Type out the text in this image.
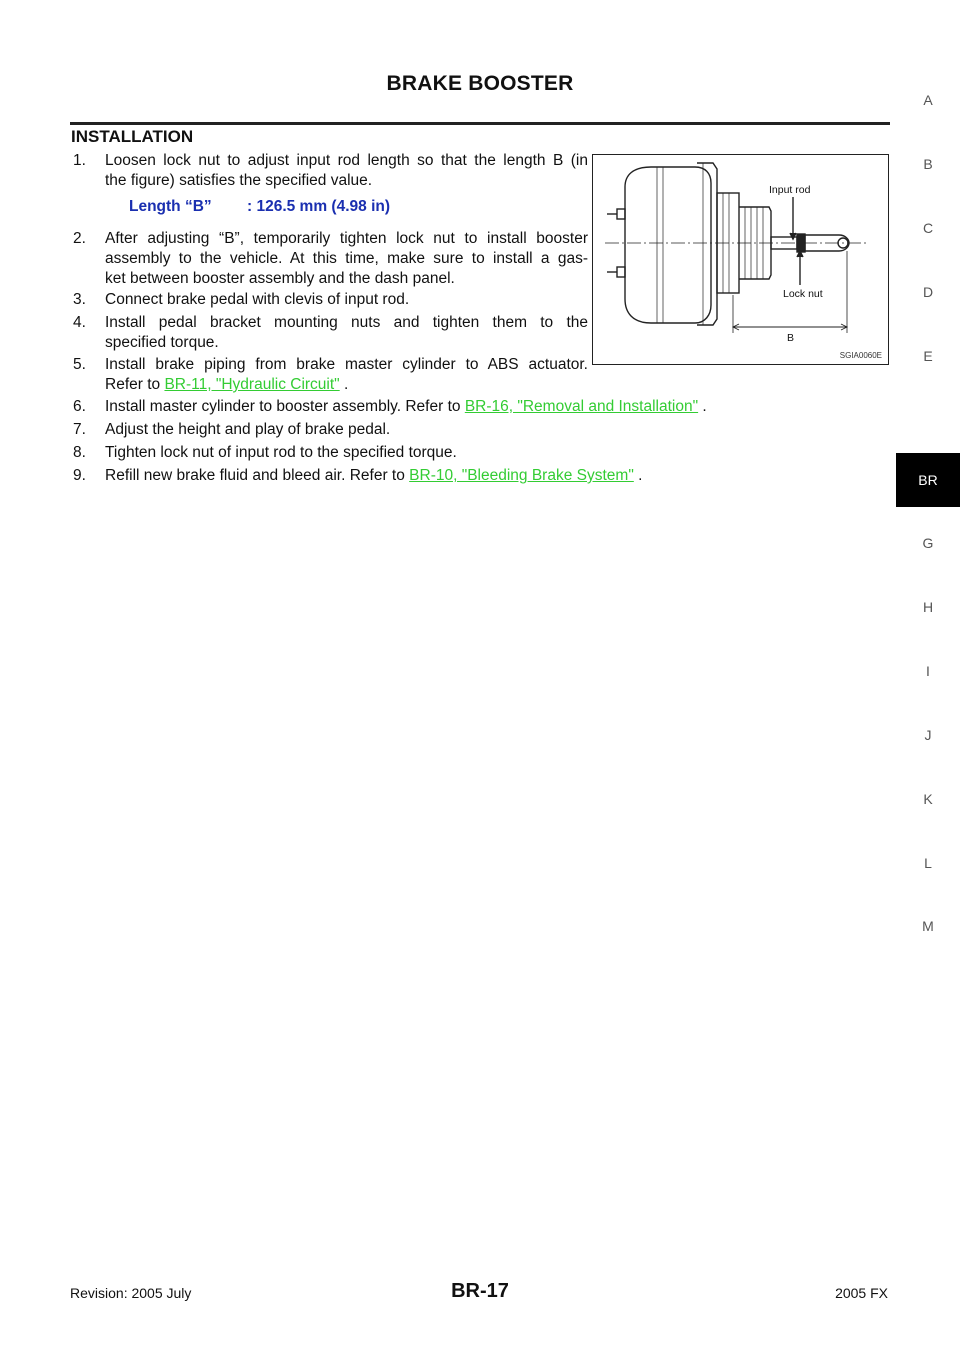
BRAKE BOOSTER
INSTALLATION
1. Loosen lock nut to adjust input rod length so that the length B (in
the figure) satisfies the specified value.
Length “B” : 126.5 mm (4.98 in)
2. After adjusting “B”, temporarily tighten lock nut to install booster
assembly to the vehicle. At this time, make sure to install a gas-
ket between booster assembly and the dash panel.
3. Connect brake pedal with clevis of input rod.
4. Install pedal bracket mounting nuts and tighten them to the
specified torque.
5. Install brake piping from brake master cylinder to ABS actuator.
Refer to BR-11, "Hydraulic Circuit" .
6. Install master cylinder to booster assembly. Refer to BR-16, "Removal and Installation" .
7. Adjust the height and play of brake pedal.
8. Tighten lock nut of input rod to the specified torque.
9. Refill new brake fluid and bleed air. Refer to BR-10, "Bleeding Brake System" .
Input rod
Lock nut
B
SGIA0060E
A
B
C
D
E
BR
G
H
I
J
K
L
M
Revision: 2005 July	BR-17	2005 FX
